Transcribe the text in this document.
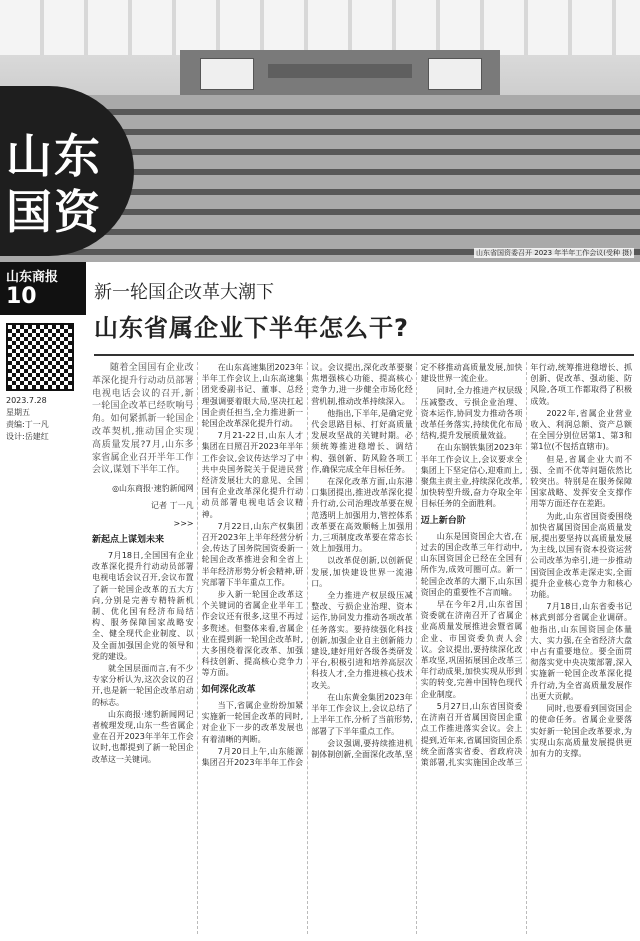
山东省国资委召开 2023 年半年工作会议(受种 摄)
山东
国资
山东商报
10
2023.7.28
星期五
责编:丁一凡
设计:岳建红
新一轮国企改革大潮下
山东省属企业下半年怎么干?

随着全国国有企业改革深化提升行动动员部署电视电话会议的召开,新一轮国企改革已经吹响号角。如何紧抓新一轮国企改革契机,推动国企实现高质量发展?7月,山东多家省属企业召开半年工作会议,谋划下半年工作。

◎山东商报·速豹新闻网

记者 丁一凡

>>>

新起点上谋划未来

7月18日,全国国有企业改革深化提升行动动员部署电视电话会议召开,会议布置了新一轮国企改革的五大方向,分别是完善专精特新机制、优化国有经济布局结构、服务保障国家战略安全、健全现代企业制度、以及全面加强国企党的领导和党的建设。

就全国层面而言,有不少专家分析认为,这次会议的召开,也是新一轮国企改革启动的标志。

山东商报·速豹新闻网记者梳理发现,山东一些省属企业在召开2023年半年工作会议时,也都提到了新一轮国企改革这一关键词。

在山东高速集团2023年半年工作会议上,山东高速集团党委副书记、董事、总经理强调要着眼大局,坚决扛起国企责任担当,全力推进新一轮国企改革深化提升行动。

7月21-22日,山东人才集团在日照召开2023年半年工作会议,会议传达学习了中共中央国务院关于促进民营经济发展壮大的意见、全国国有企业改革深化提升行动动员部署电视电话会议精神。

7月22日,山东产权集团召开2023年上半年经营分析会,传达了国务院国资委新一轮国企改革推进会和全省上半年经济形势分析会精神,研究部署下半年重点工作。

步入新一轮国企改革这个关键词的省属企业半年工作会议还有很多,这里不再过多赘述。但整体来看,省属企业在提到新一轮国企改革时,大多围绕着深化改革、加强科技创新、提高核心竞争力等方面。

如何深化改革

当下,省属企业纷纷加紧实施新一轮国企改革的同时,对企业下一步的改革发展也有着清晰的判断。

7月20日上午,山东能源集团召开2023年半年工作会议。会议提出,深化改革要聚焦增强核心功能、提高核心竞争力,进一步健全市场化经营机制,推动改革持续深入。

他指出,下半年,是确定党代会思路目标、打好高质量发展攻坚战的关键时期。必须统筹推进稳增长、调结构、强创新、防风险各项工作,确保完成全年目标任务。

在深化改革方面,山东港口集团提出,推进改革深化提升行动,公司治理改革要在规范透明上加强用力,管控体系改革要在高效顺畅上加强用力,三项制度改革要在常态长效上加强用力。

以改革促创新,以创新促发展,加快建设世界一流港口。

全力推进产权层级压减整改、亏损企业治理、资本运作,协同发力推动各项改革任务落实。要持续强化科技创新,加强企业自主创新能力建设,建好用好各级各类研发平台,积极引进和培养高层次科技人才,全力推进核心技术攻关。

在山东黄金集团2023年半年工作会议上,会议总结了上半年工作,分析了当前形势,部署了下半年重点工作。

会议强调,要持续推进机制体制创新,全面深化改革,坚定不移推动高质量发展,加快建设世界一流企业。

同时,全力推进产权层级压减整改、亏损企业治理、资本运作,协同发力推动各项改革任务落实,持续优化布局结构,提升发展质量效益。

在山东钢铁集团2023年半年工作会议上,会议要求全集团上下坚定信心,迎难而上,聚焦主责主业,持续深化改革,加快转型升级,奋力夺取全年目标任务的全面胜利。

迈上新台阶

山东是国资国企大省,在过去的国企改革三年行动中,山东国资国企已经在全国有所作为,成效可圈可点。新一轮国企改革的大潮下,山东国资国企的重要性不言而喻。

早在今年2月,山东省国资委就在济南召开了省属企业高质量发展推进会暨省属企业、市国资委负责人会议。会议提出,要持续深化改革攻坚,巩固拓展国企改革三年行动成果,加快实现从形到实的转变,完善中国特色现代企业制度。

5月27日,山东省国资委在济南召开省属国资国企重点工作推进落实会议。会上提到,近年来,省属国资国企系统全面落实省委、省政府决策部署,扎实实施国企改革三年行动,统筹推进稳增长、抓创新、促改革、强动能、防风险,各项工作都取得了积极成效。

2022年,省属企业营业收入、利润总额、资产总额在全国分别位居第1、第3和第1位(不包括直辖市)。

但是,省属企业大而不强、全而不优等问题依然比较突出。特别是在服务保障国家战略、发挥安全支撑作用等方面还存在差距。

为此,山东省国资委围绕加快省属国资国企高质量发展,提出要坚持以高质量发展为主线,以国有资本投资运营公司改革为牵引,进一步推动国资国企改革走深走实,全面提升企业核心竞争力和核心功能。

7月18日,山东省委书记林武到部分省属企业调研。他指出,山东国资国企体量大、实力强,在全省经济大盘中占有重要地位。要全面贯彻落实党中央决策部署,深入实施新一轮国企改革深化提升行动,为全省高质量发展作出更大贡献。

同时,也要看到国资国企的使命任务。省属企业要落实好新一轮国企改革要求,为实现山东高质量发展提供更加有力的支撑。
